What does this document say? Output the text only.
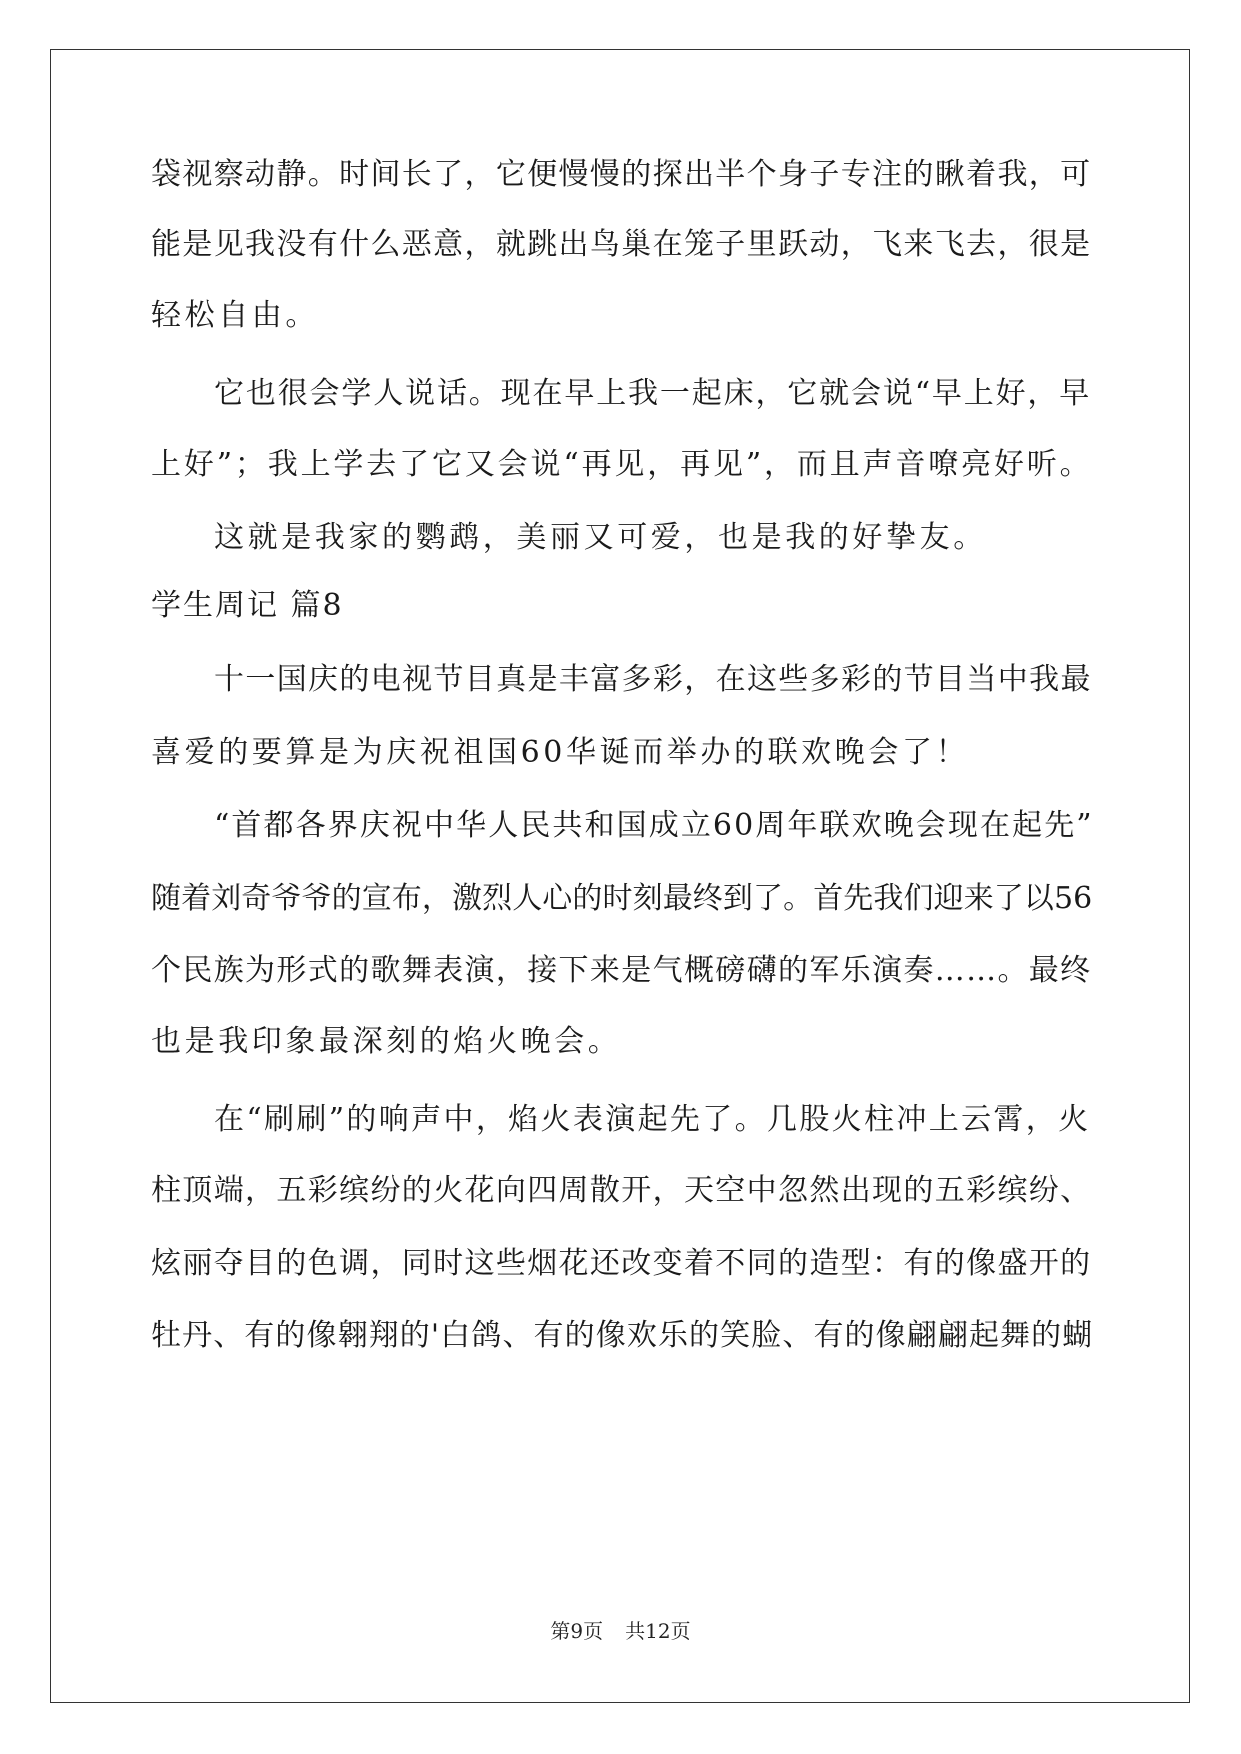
袋视察动静。时间长了，它便慢慢的探出半个身子专注的瞅着我，可
能是见我没有什么恶意，就跳出鸟巢在笼子里跃动，飞来飞去，很是
轻松自由。
它也很会学人说话。现在早上我一起床，它就会说“早上好，早
上好”；我上学去了它又会说“再见，再见”，而且声音嘹亮好听。
这就是我家的鹦鹉，美丽又可爱，也是我的好挚友。
学生周记 篇8
十一国庆的电视节目真是丰富多彩，在这些多彩的节目当中我最
喜爱的要算是为庆祝祖国60华诞而举办的联欢晚会了！
“首都各界庆祝中华人民共和国成立60周年联欢晚会现在起先”
随着刘奇爷爷的宣布，激烈人心的时刻最终到了。首先我们迎来了以56
个民族为形式的歌舞表演，接下来是气概磅礴的军乐演奏……。最终
也是我印象最深刻的焰火晚会。
在“刷刷”的响声中，焰火表演起先了。几股火柱冲上云霄，火
柱顶端，五彩缤纷的火花向四周散开，天空中忽然出现的五彩缤纷、
炫丽夺目的色调，同时这些烟花还改变着不同的造型：有的像盛开的
牡丹、有的像翱翔的'白鸽、有的像欢乐的笑脸、有的像翩翩起舞的蝴
第9页 共12页
